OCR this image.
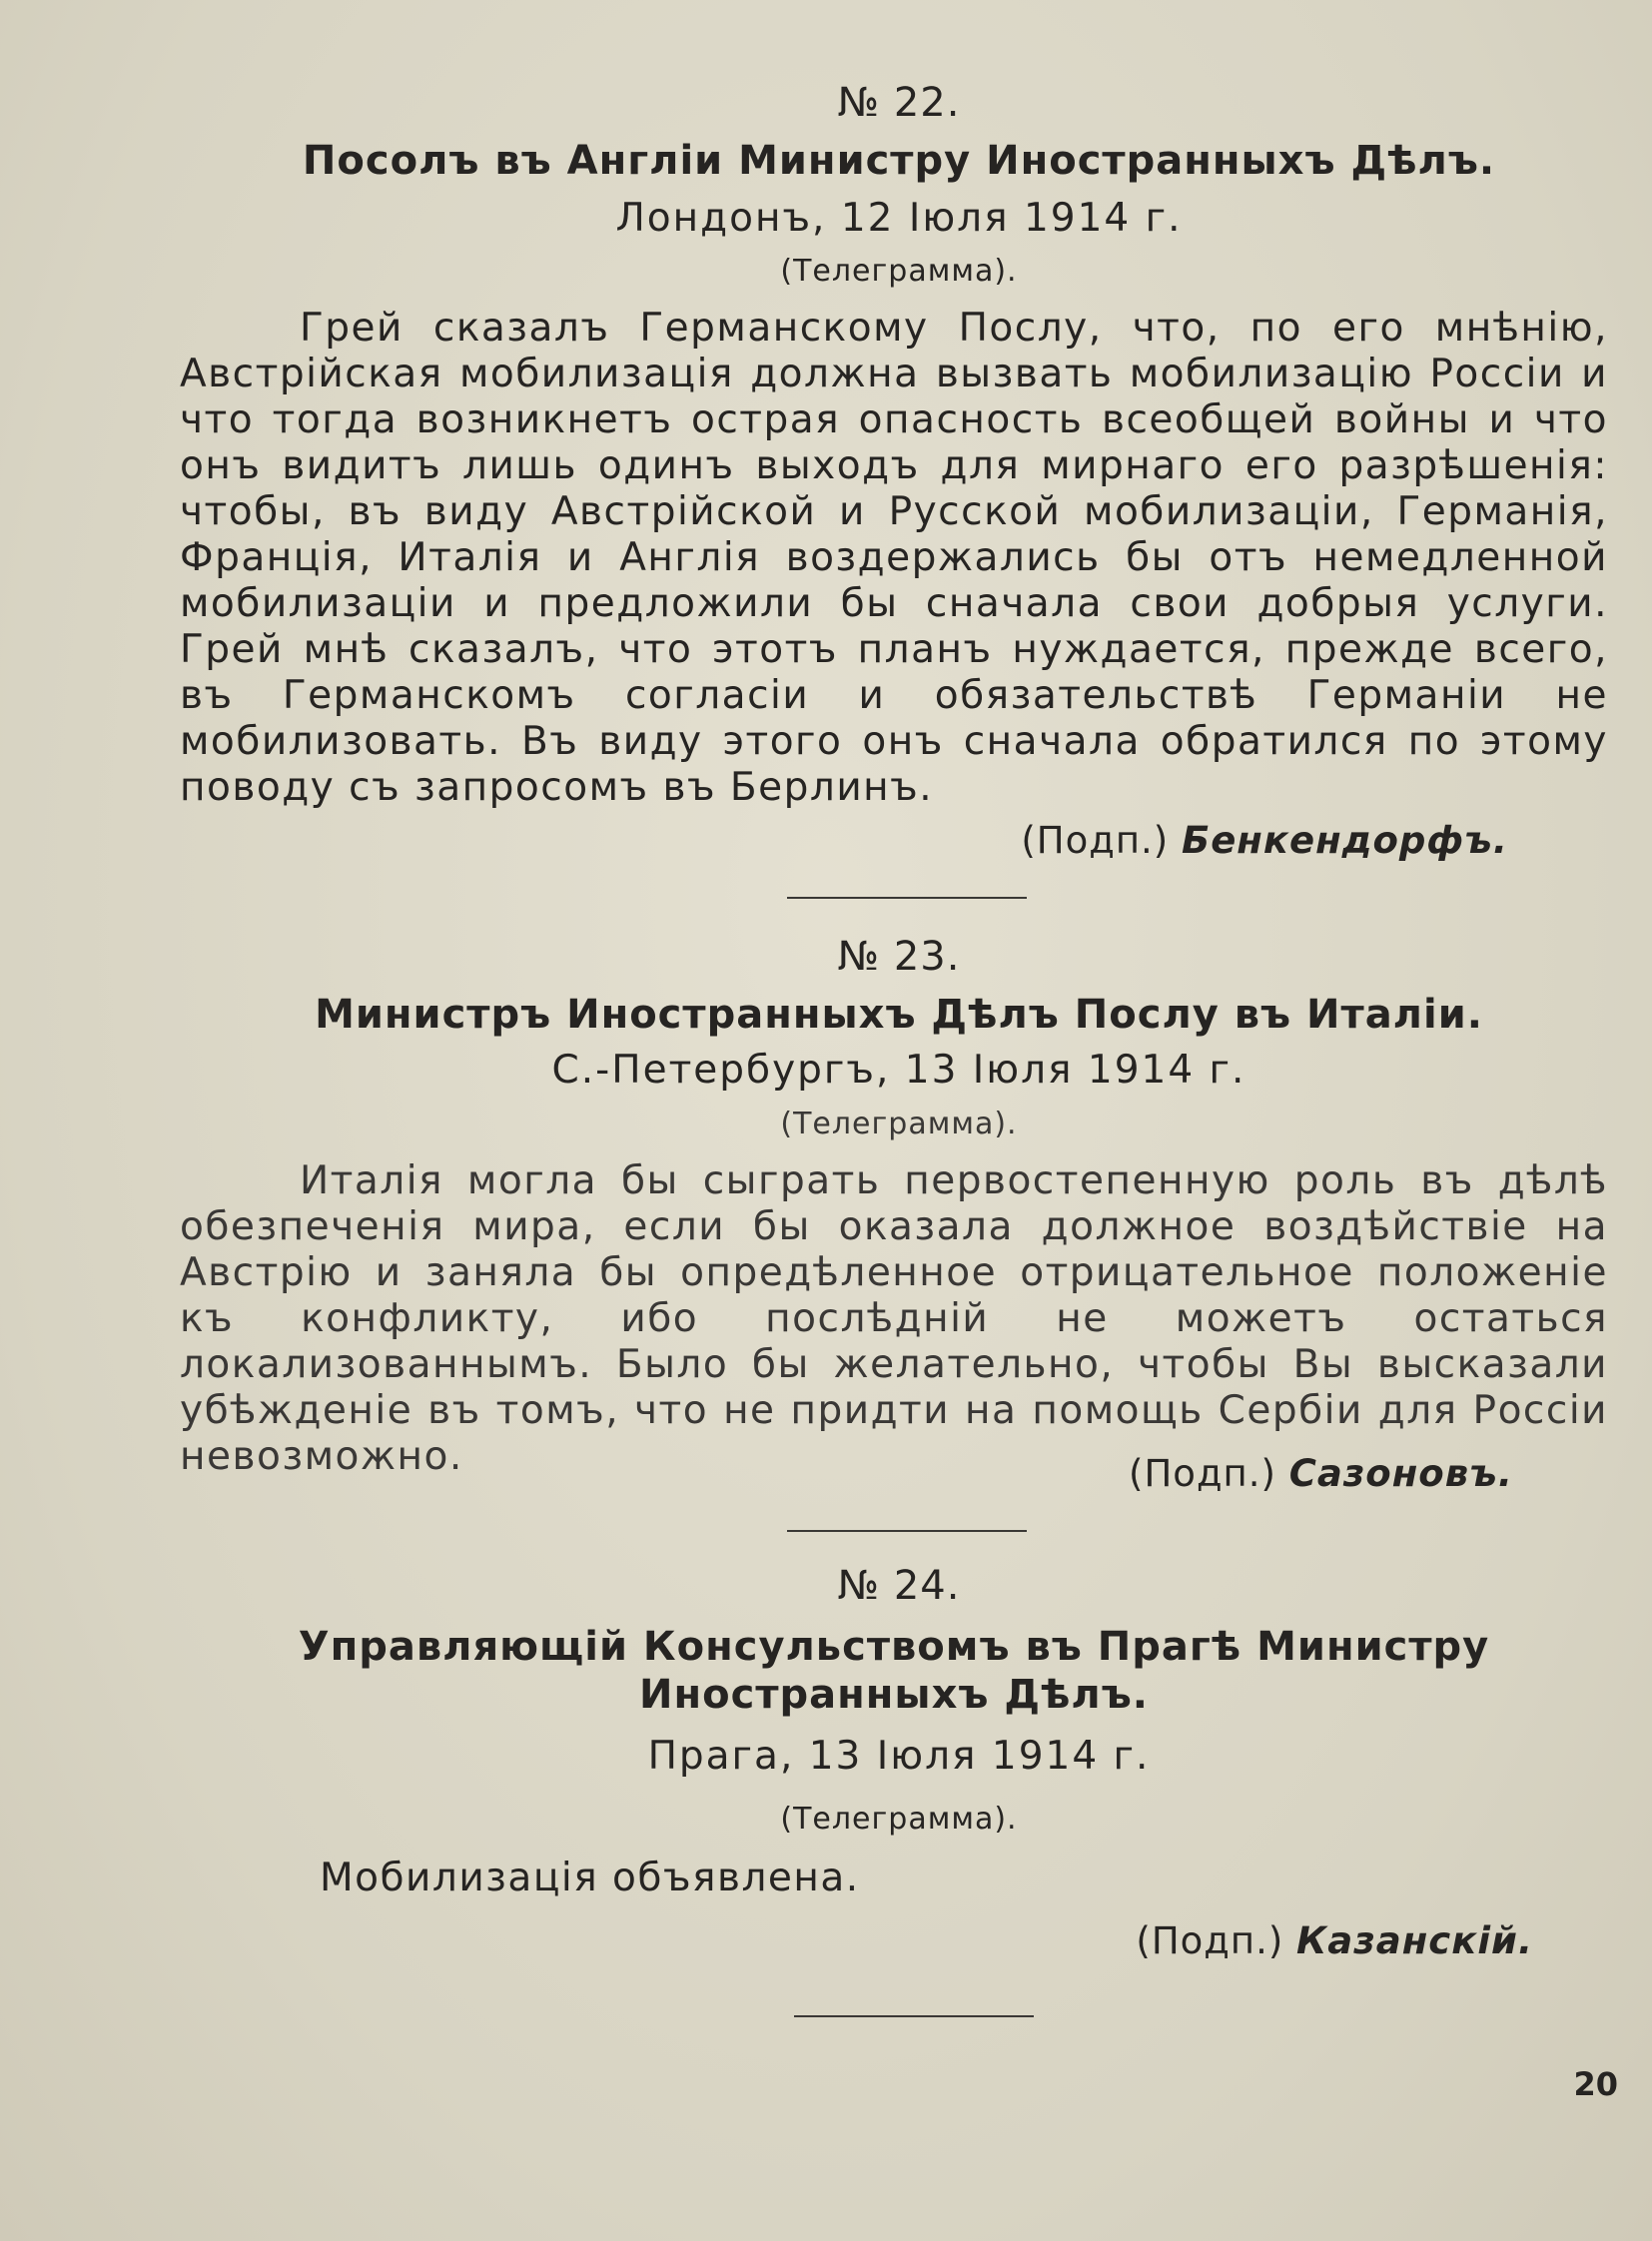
№ 22.
Посолъ въ Англіи Министру Иностранныхъ Дѣлъ.
Лондонъ, 12 Іюля 1914 г.
(Телеграмма).

Грей сказалъ Германскому Послу, что, по его мнѣнію, Австрійская мобилизація должна вызвать мобилизацію Россіи и что тогда возникнетъ острая опасность всеобщей войны и что онъ видитъ лишь одинъ выходъ для мирнаго его разрѣшенія: чтобы, въ виду Австрійской и Русской мобилизаціи, Германія, Франція, Италія и Англія воздержались бы отъ немедленной мобилизаціи и предложили бы сначала свои добрыя услуги. Грей мнѣ сказалъ, что этотъ планъ нуждается, прежде всего, въ Германскомъ согласіи и обязательствѣ Германіи не мобилизовать. Въ виду этого онъ сначала обратился по этому поводу съ запросомъ въ Берлинъ.

(Подп.) Бенкендорфъ.
№ 23.
Министръ Иностранныхъ Дѣлъ Послу въ Италіи.
С.-Петербургъ, 13 Іюля 1914 г.
(Телеграмма).

Италія могла бы сыграть первостепенную роль въ дѣлѣ обезпеченія мира, если бы оказала должное воздѣйствіе на Австрію и заняла бы опредѣленное отрицательное положеніе къ конфликту, ибо послѣдній не можетъ остаться локализованнымъ. Было бы желательно, чтобы Вы высказали убѣжденіе въ томъ, что не придти на помощь Сербіи для Россіи невозможно.	(Подп.) Сазоновъ.
№ 24.
Управляющій Консульствомъ въ Прагѣ Министру Иностранныхъ Дѣлъ.
Прага, 13 Іюля 1914 г.
(Телеграмма).

Мобилизація объявлена.

(Подп.) Казанскій.
20
